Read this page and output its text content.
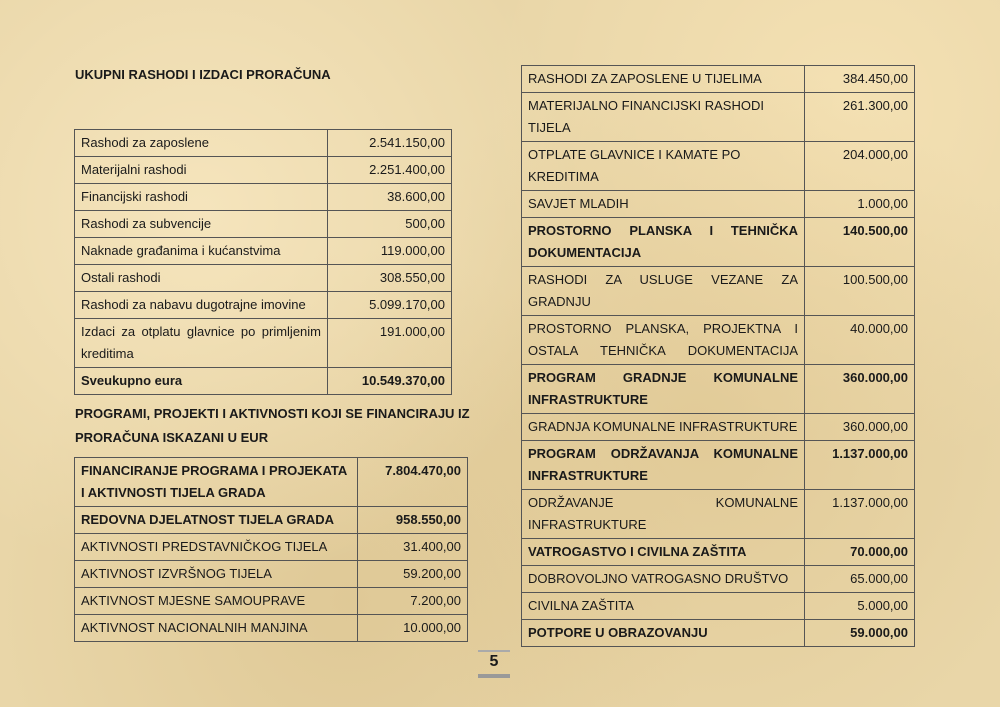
UKUPNI RASHODI I IZDACI PRORAČUNA

Rashodi za zaposlene	2.541.150,00
Materijalni rashodi	2.251.400,00
Financijski rashodi	38.600,00
Rashodi za subvencije	500,00
Naknade građanima i kućanstvima	119.000,00
Ostali rashodi	308.550,00
Rashodi za nabavu dugotrajne imovine	5.099.170,00
Izdaci za otplatu glavnice po primljenim kreditima	191.000,00
Sveukupno eura	10.549.370,00

PROGRAMI, PROJEKTI I AKTIVNOSTI KOJI SE FINANCIRAJU IZ PRORAČUNA ISKAZANI U EUR

FINANCIRANJE PROGRAMA I PROJEKATA I AKTIVNOSTI TIJELA GRADA	7.804.470,00
REDOVNA DJELATNOST TIJELA GRADA	958.550,00
AKTIVNOSTI PREDSTAVNIČKOG TIJELA	31.400,00
AKTIVNOST IZVRŠNOG TIJELA	59.200,00
AKTIVNOST MJESNE SAMOUPRAVE	7.200,00
AKTIVNOST NACIONALNIH MANJINA	10.000,00
RASHODI ZA ZAPOSLENE U TIJELIMA	384.450,00
MATERIJALNO FINANCIJSKI RASHODI TIJELA	261.300,00
OTPLATE GLAVNICE I KAMATE PO KREDITIMA	204.000,00
SAVJET MLADIH	1.000,00
PROSTORNO PLANSKA I TEHNIČKA DOKUMENTACIJA	140.500,00
RASHODI ZA USLUGE VEZANE ZA GRADNJU	100.500,00
PROSTORNO PLANSKA, PROJEKTNA I OSTALA TEHNIČKA DOKUMENTACIJA	40.000,00
PROGRAM GRADNJE KOMUNALNE INFRASTRUKTURE	360.000,00
GRADNJA KOMUNALNE INFRASTRUKTURE	360.000,00
PROGRAM ODRŽAVANJA KOMUNALNE INFRASTRUKTURE	1.137.000,00
ODRŽAVANJE KOMUNALNE INFRASTRUKTURE	1.137.000,00
VATROGASTVO I CIVILNA ZAŠTITA	70.000,00
DOBROVOLJNO VATROGASNO DRUŠTVO	65.000,00
CIVILNA ZAŠTITA	5.000,00
POTPORE U OBRAZOVANJU	59.000,00
5
